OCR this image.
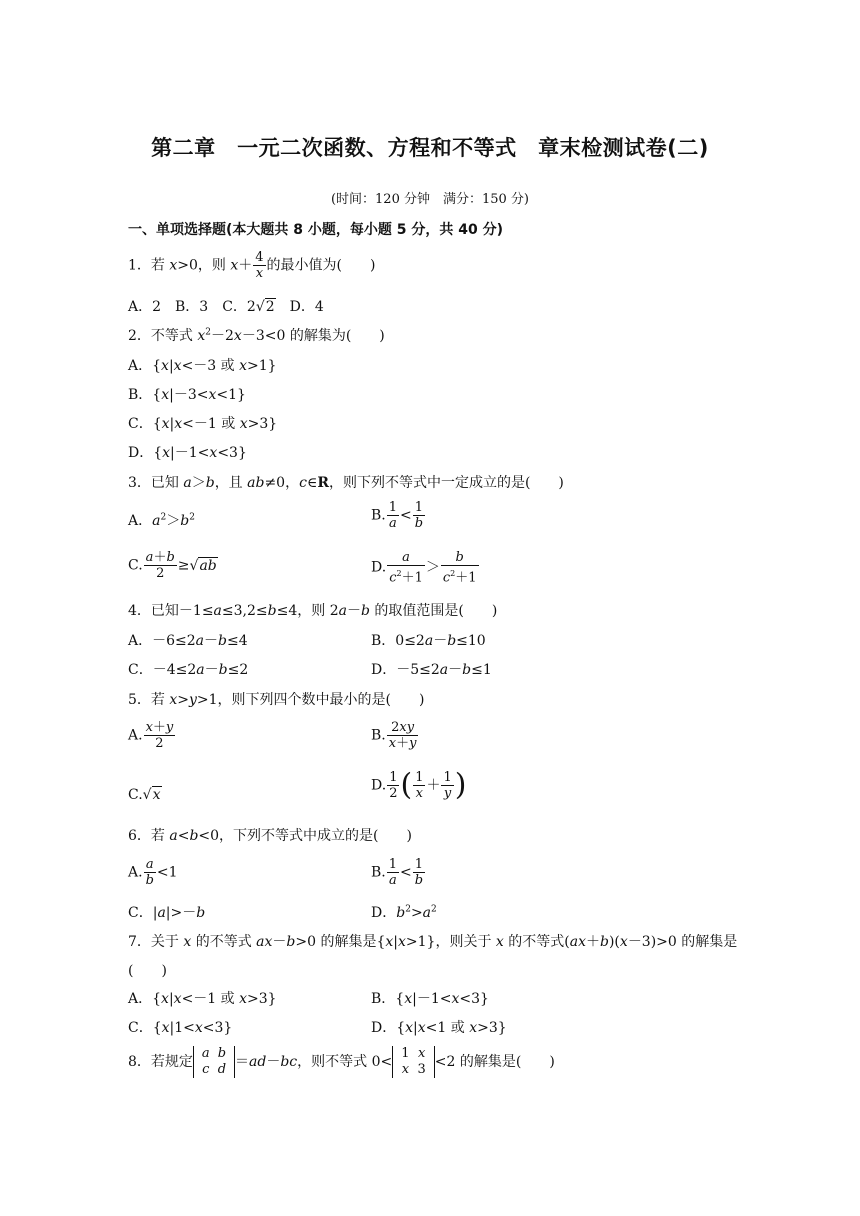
第二章　一元二次函数、方程和不等式　章末检测试卷(二)
(时间：120 分钟　满分：150 分)
一、单项选择题(本大题共 8 小题，每小题 5 分，共 40 分)
1．若 x>0，则 $x+ \frac{4}{x}$ 的最小值为(　　)
A．2　B．3　C．2√2　D．4
2．不等式 $x^2-2x-3<0$ 的解集为(　　)
A．{x|x<－3 或 x>1}
B．{x|－3<x<1}
C．{x|x<－1 或 x>3}
D．{x|－1<x<3}
3．已知 a＞b，且 ab≠0，c∈R，则下列不等式中一定成立的是(　　)
A．$a^2>b^2$	B. $\frac{1}{a} < \frac{1}{b}$
C. $\frac{a+b}{2} \ge√ab$	D. $\frac{a}{c^2+1} > \frac{b}{c^2+1}$
4．已知－1≤a≤3,2≤b≤4，则 2a－b 的取值范围是(　　)
A．－6≤2a－b≤4	B．0≤2a－b≤10
C．－4≤2a－b≤2	D．－5≤2a－b≤1
5．若 x>y>1，则下列四个数中最小的是(　　)
A. $\frac{x+y}{2}$	B. $\frac{2xy}{x+y}$
C.√x
D. $\frac{1}{2}$ ( $\frac{1}{x} + \frac{1}{y}$ )
6．若 a<b<0，下列不等式中成立的是(　　)
A. $\frac{a}{b} <1$	B. $\frac{1}{a} < \frac{1}{b}$
C．|a|>－b	D．$b^2>a^2$
7．关于 x 的不等式 ax－b>0 的解集是{x|x>1}，则关于 x 的不等式(ax＋b)(x－3)>0 的解集是
(　　)
A．{x|x<－1 或 x>3}	B．{x|－1<x<3}
C．{x|1<x<3}	D．{x|x<1 或 x>3}
8．若规定
a	b
c	d ＝ad－bc，则不等式 0<
1	x
x	3 <2 的解集是(　　)
